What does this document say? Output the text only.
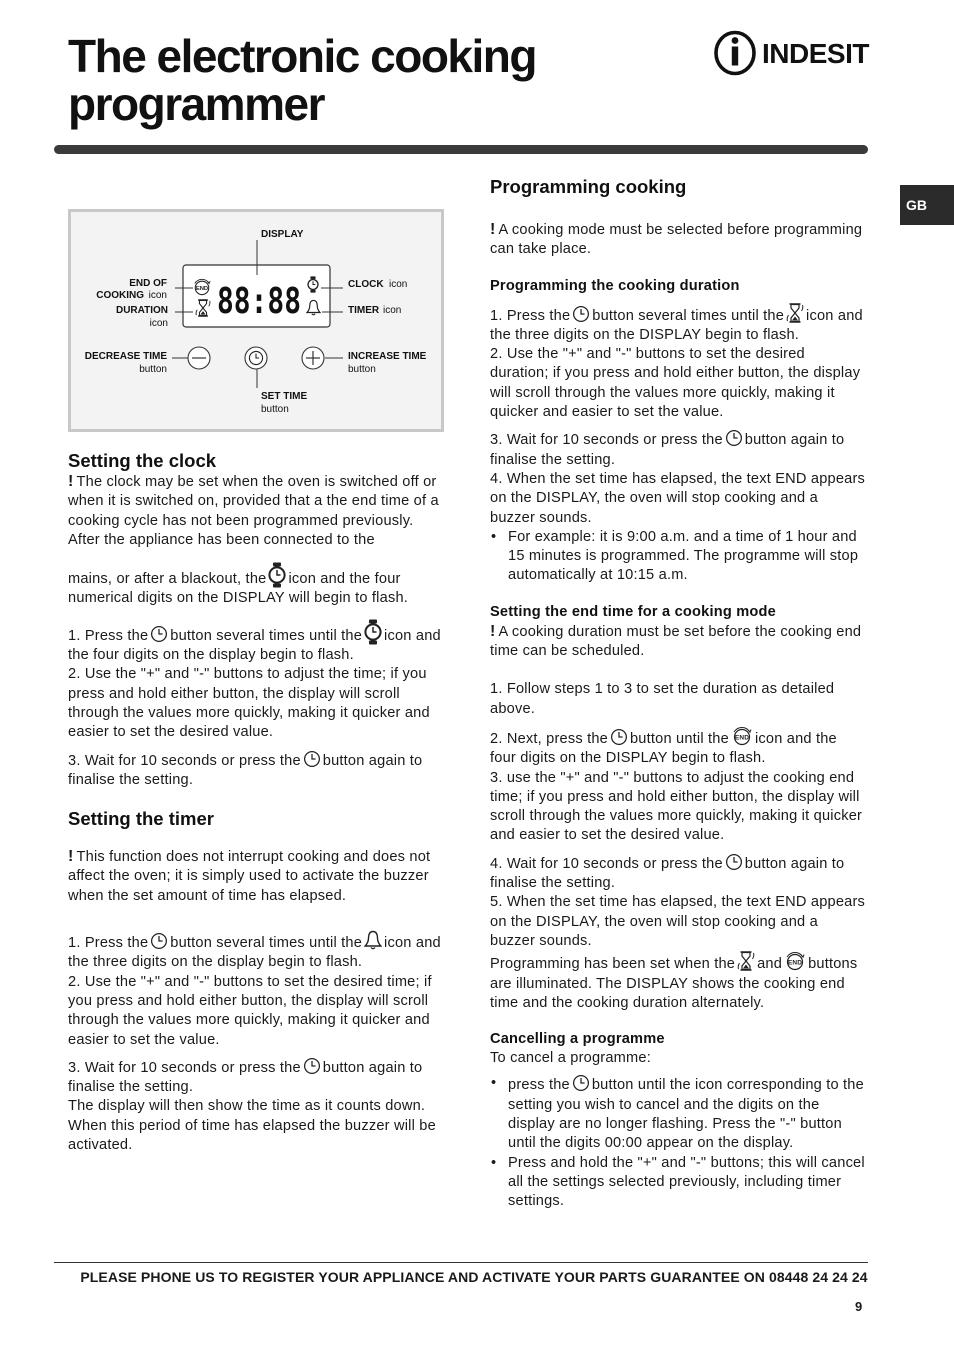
The electronic cooking programmer
INDESIT
GB
DISPLAY
88:88
END OF
COOKING icon
DURATION
icon
CLOCK icon
TIMER icon
DECREASE TIME
button
INCREASE TIME
button
SET TIME
button
Setting the clock

! The clock may be set when the oven is switched off or when it is switched on, provided that a the end time of a cooking cycle has not been programmed previously.

After the appliance has been connected to the

mains, or after a blackout, the icon and the four numerical digits on the DISPLAY will begin to flash.

1. Press the button several times until the icon and the four digits on the display begin to flash.

2. Use the "+" and "-" buttons to adjust the time; if you press and hold either button, the display will scroll through the values more quickly, making it quicker and easier to set the desired value.

3. Wait for 10 seconds or press the button again to finalise the setting.

Setting the timer

! This function does not interrupt cooking and does not affect the oven; it is simply used to activate the buzzer when the set amount of time has elapsed.

1. Press the button several times until the icon and the three digits on the display begin to flash.

2. Use the "+" and "-" buttons to set the desired time; if you press and hold either button, the display will scroll through the values more quickly, making it quicker and easier to set the value.

3. Wait for 10 seconds or press the button again to finalise the setting.

The display will then show the time as it counts down. When this period of time has elapsed the buzzer will be activated.

Programming cooking

! A cooking mode must be selected before programming can take place.

Programming the cooking duration

1. Press the button several times until the icon and the three digits on the DISPLAY begin to flash.

2. Use the "+" and "-" buttons to set the desired duration; if you press and hold either button, the display will scroll through the values more quickly, making it quicker and easier to set the value.

3. Wait for 10 seconds or press the button again to finalise the setting.

4. When the set time has elapsed, the text END appears on the DISPLAY, the oven will stop cooking and a buzzer sounds.

• For example: it is 9:00 a.m. and a time of 1 hour and 15 minutes is programmed. The programme will stop automatically at 10:15 a.m.

Setting the end time for a cooking mode

! A cooking duration must be set before the cooking end time can be scheduled.

1. Follow steps 1 to 3 to set the duration as detailed above.

2. Next, press the button until the icon and the four digits on the DISPLAY begin to flash.

3. use the "+" and "-" buttons to adjust the cooking end time; if you press and hold either button, the display will scroll through the values more quickly, making it quicker and easier to set the desired value.

4. Wait for 10 seconds or press the button again to finalise the setting.

5. When the set time has elapsed, the text END appears on the DISPLAY, the oven will stop cooking and a buzzer sounds.

Programming has been set when the and buttons are illuminated. The DISPLAY shows the cooking end time and the cooking duration alternately.

Cancelling a programme

To cancel a programme:

• press the button until the icon corresponding to the setting you wish to cancel and the digits on the display are no longer flashing. Press the "-" button until the digits 00:00 appear on the display.

• Press and hold the "+" and "-" buttons; this will cancel all the settings selected previously, including timer settings.

PLEASE PHONE US TO REGISTER YOUR APPLIANCE AND ACTIVATE YOUR PARTS GUARANTEE ON 08448 24 24 24
9
